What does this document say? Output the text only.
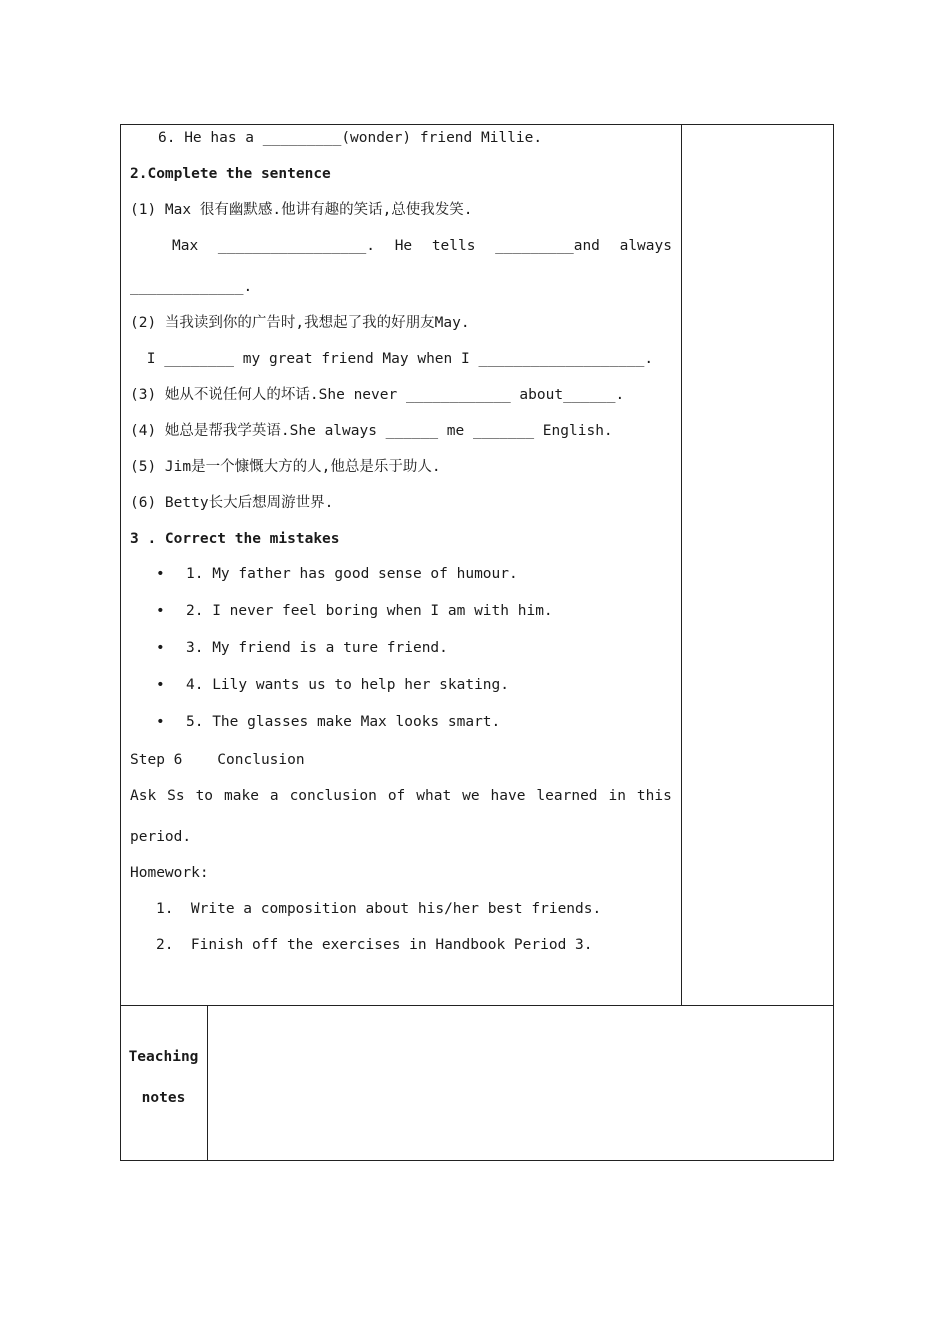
6. He has a _________(wonder) friend Millie.
2.Complete the sentence
(1) Max 很有幽默感.他讲有趣的笑话,总使我发笑.
Max _________________. He tells _________and always
_____________.
(2) 当我读到你的广告时,我想起了我的好朋友May.
I ________ my great friend May when I ___________________.
(3) 她从不说任何人的坏话.She never ____________ about______.
(4) 她总是帮我学英语.She always ______ me _______ English.
(5) Jim是一个慷慨大方的人,他总是乐于助人.
(6) Betty长大后想周游世界.
3 . Correct the mistakes
• 1. My father has good sense of humour.
• 2. I never feel boring when I am with him.
• 3. My friend is a ture friend.
• 4. Lily wants us to help her skating.
• 5. The glasses make Max looks smart.
Step 6    Conclusion
Ask Ss to make a conclusion of what we have learned in this
period.
Homework:
1.  Write a composition about his/her best friends.
2.  Finish off the exercises in Handbook Period 3.
Teaching
notes
